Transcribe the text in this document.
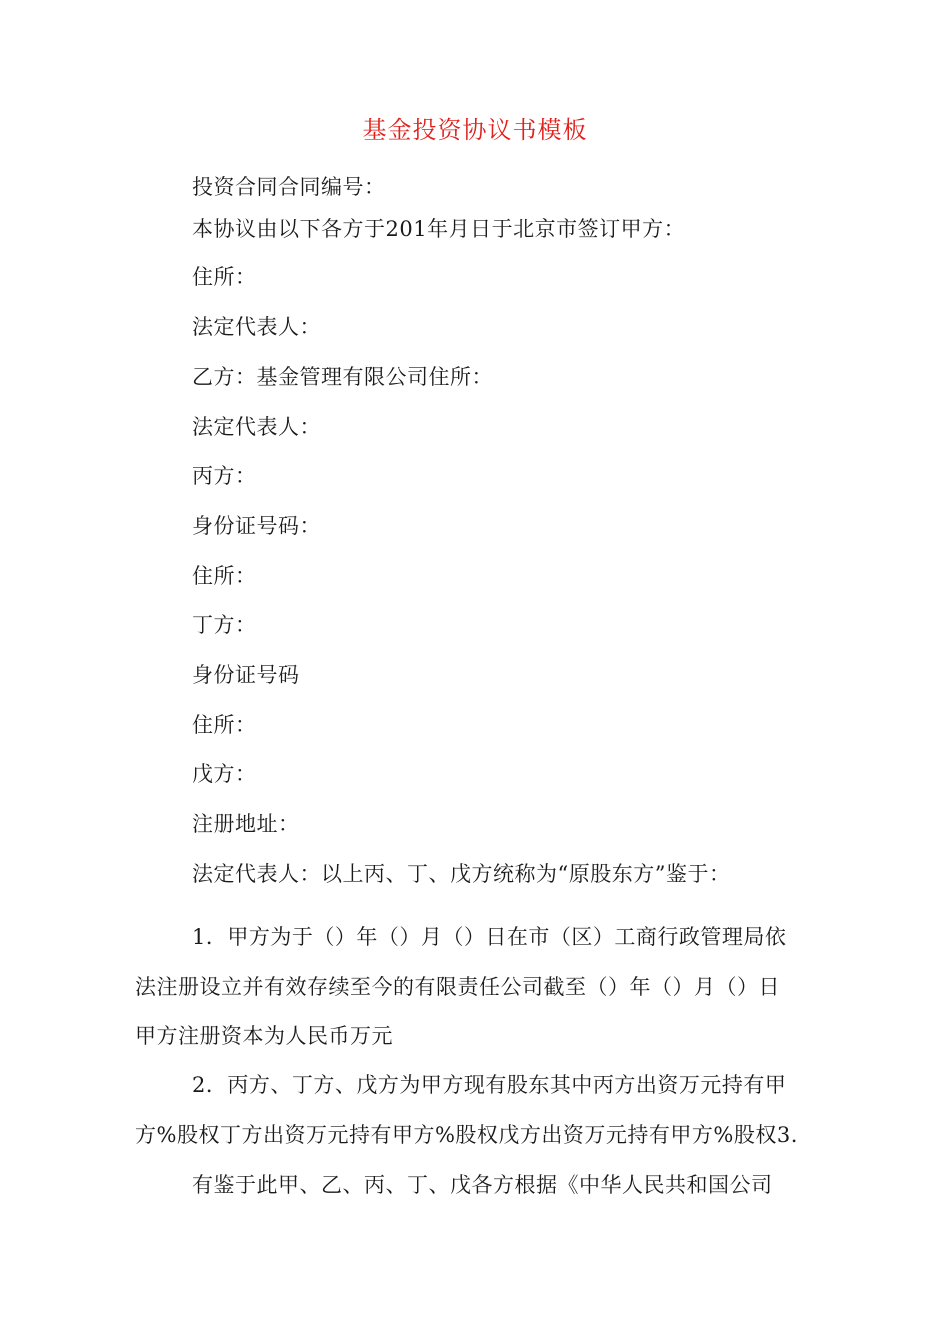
基金投资协议书模板
投资合同合同编号：
本协议由以下各方于201年月日于北京市签订甲方：
住所：
法定代表人：
乙方：基金管理有限公司住所：
法定代表人：
丙方：
身份证号码：
住所：
丁方：
身份证号码
住所：
戊方：
注册地址：
法定代表人：以上丙、丁、戊方统称为“原股东方”鉴于：
1．甲方为于（）年（）月（）日在市（区）工商行政管理局依
法注册设立并有效存续至今的有限责任公司截至（）年（）月（）日
甲方注册资本为人民币万元
2．丙方、丁方、戊方为甲方现有股东其中丙方出资万元持有甲
方%股权丁方出资万元持有甲方%股权戊方出资万元持有甲方%股权3.
有鉴于此甲、乙、丙、丁、戊各方根据《中华人民共和国公司
